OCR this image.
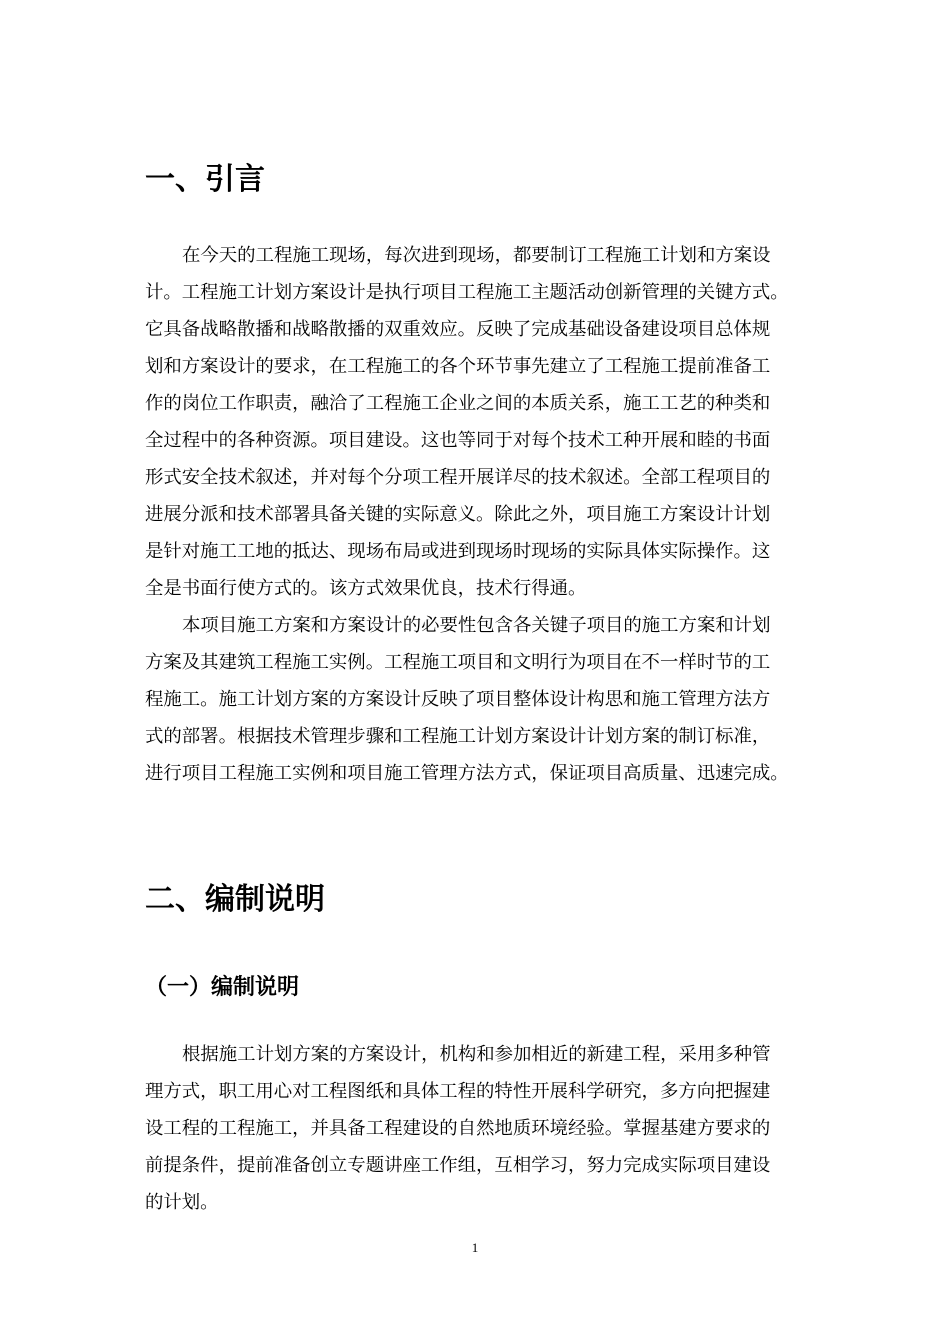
一、引言
在今天的工程施工现场，每次进到现场，都要制订工程施工计划和方案设
计。工程施工计划方案设计是执行项目工程施工主题活动创新管理的关键方式。
它具备战略散播和战略散播的双重效应。反映了完成基础设备建设项目总体规
划和方案设计的要求，在工程施工的各个环节事先建立了工程施工提前准备工
作的岗位工作职责，融洽了工程施工企业之间的本质关系，施工工艺的种类和
全过程中的各种资源。项目建设。这也等同于对每个技术工种开展和睦的书面
形式安全技术叙述，并对每个分项工程开展详尽的技术叙述。全部工程项目的
进展分派和技术部署具备关键的实际意义。除此之外，项目施工方案设计计划
是针对施工工地的抵达、现场布局或进到现场时现场的实际具体实际操作。这
全是书面行使方式的。该方式效果优良，技术行得通。
本项目施工方案和方案设计的必要性包含各关键子项目的施工方案和计划
方案及其建筑工程施工实例。工程施工项目和文明行为项目在不一样时节的工
程施工。施工计划方案的方案设计反映了项目整体设计构思和施工管理方法方
式的部署。根据技术管理步骤和工程施工计划方案设计计划方案的制订标准，
进行项目工程施工实例和项目施工管理方法方式，保证项目高质量、迅速完成。
二、编制说明
（一）编制说明
根据施工计划方案的方案设计，机构和参加相近的新建工程，采用多种管
理方式，职工用心对工程图纸和具体工程的特性开展科学研究，多方向把握建
设工程的工程施工，并具备工程建设的自然地质环境经验。掌握基建方要求的
前提条件，提前准备创立专题讲座工作组，互相学习，努力完成实际项目建设
的计划。
1
